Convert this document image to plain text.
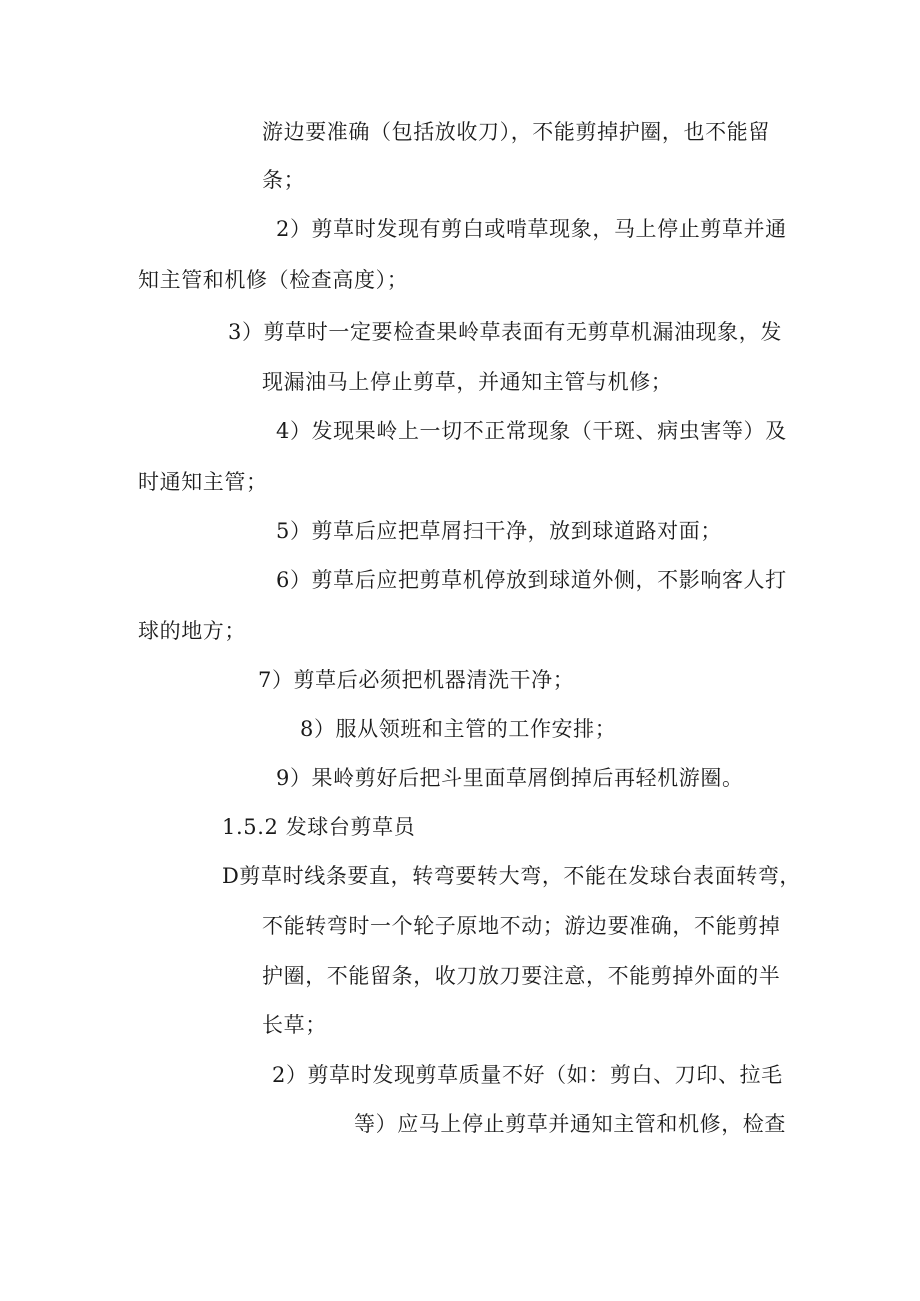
游边要准确（包括放收刀），不能剪掉护圈，也不能留
条；
2）剪草时发现有剪白或啃草现象，马上停止剪草并通
知主管和机修（检查高度）；
3）剪草时一定要检查果岭草表面有无剪草机漏油现象，发
现漏油马上停止剪草，并通知主管与机修；
4）发现果岭上一切不正常现象（干斑、病虫害等）及
时通知主管；
5）剪草后应把草屑扫干净，放到球道路对面；
6）剪草后应把剪草机停放到球道外侧，不影响客人打
球的地方；
7）剪草后必须把机器清洗干净；
8）服从领班和主管的工作安排；
9）果岭剪好后把斗里面草屑倒掉后再轻机游圈。
1.5.2 发球台剪草员
D剪草时线条要直，转弯要转大弯，不能在发球台表面转弯，
不能转弯时一个轮子原地不动；游边要准确，不能剪掉
护圈，不能留条，收刀放刀要注意，不能剪掉外面的半
长草；
2）剪草时发现剪草质量不好（如：剪白、刀印、拉毛
等）应马上停止剪草并通知主管和机修，检查
